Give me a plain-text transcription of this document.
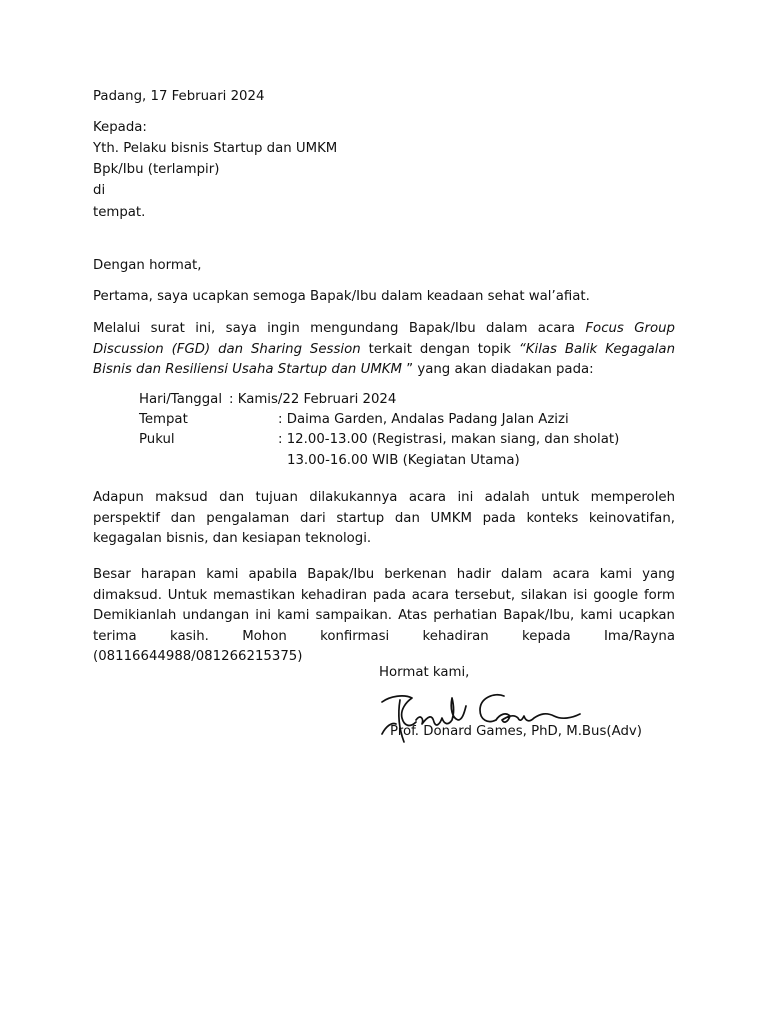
Padang, 17 Februari 2024
Kepada:
Yth. Pelaku bisnis Startup dan UMKM
Bpk/Ibu (terlampir)
di
tempat.
Dengan hormat,
Pertama, saya ucapkan semoga Bapak/Ibu dalam keadaan sehat wal’afiat.
Melalui surat ini, saya ingin mengundang Bapak/Ibu dalam acara Focus Group Discussion (FGD) dan Sharing Session terkait dengan topik “Kilas Balik Kegagalan Bisnis dan Resiliensi Usaha Startup dan UMKM ” yang akan diadakan pada:
Hari/Tanggal : Kamis/22 Februari 2024
Tempat	: Daima Garden, Andalas Padang Jalan Azizi
Pukul	: 12.00-13.00 (Registrasi, makan siang, dan sholat)
13.00-16.00 WIB (Kegiatan Utama)
Adapun maksud dan tujuan dilakukannya acara ini adalah untuk memperoleh perspektif dan pengalaman dari startup dan UMKM pada konteks keinovatifan, kegagalan bisnis, dan kesiapan teknologi.
Besar harapan kami apabila Bapak/Ibu berkenan hadir dalam acara kami yang dimaksud. Untuk memastikan kehadiran pada acara tersebut, silakan isi google form Demikianlah undangan ini kami sampaikan. Atas perhatian Bapak/Ibu, kami ucapkan terima kasih. Mohon konfirmasi kehadiran kepada Ima/Rayna (08116644988/081266215375)
Hormat kami,
Prof. Donard Games, PhD, M.Bus(Adv)
